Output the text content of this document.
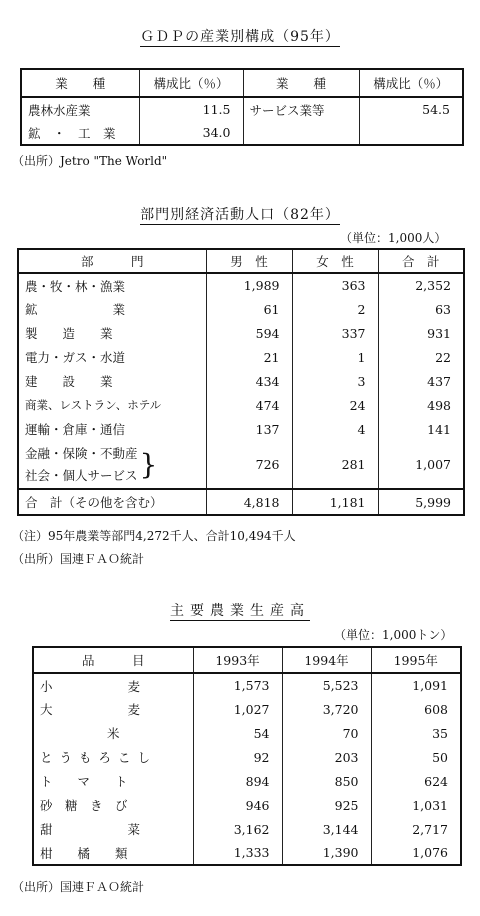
ＧＤＰの産業別構成（95年）
業　　種	構成比（％）	業　　種	構成比（％）
農林水産業	11.5	サービス業等	54.5
鉱　・　工　業	34.0		
（出所）Jetro "The World"
部門別経済活動人口（82年）
（単位：1,000人）
部　　　門	男　性	女　性	合　計
農・牧・林・漁業	1,989	363	2,352
鉱　　　　　　業	61	2	63
製　　造　　業	594	337	931
電力・ガス・水道	21	1	22
建　　設　　業	434	3	437
商業、レストラン、ホテル	474	24	498
運輸・倉庫・通信	137	4	141

金融・保険・不動産
社会・個人サービス }	726	281	1,007
合　計（その他を含む）	4,818	1,181	5,999
（注）95年農業等部門4,272千人、合計10,494千人
（出所）国連ＦＡＯ統計
主要農業生産高
（単位：1,000トン）
品　　　目	1993年	1994年	1995年
小　　　　　　麦	1,573	5,523	1,091
大　　　　　　麦	1,027	3,720	608
米	54	70	35
とうもろこし	92	203	50
ト　　マ　　ト	894	850	624
砂　糖　き　び	946	925	1,031
甜　　　　　　菜	3,162	3,144	2,717
柑　　橘　　類	1,333	1,390	1,076
（出所）国連ＦＡＯ統計
